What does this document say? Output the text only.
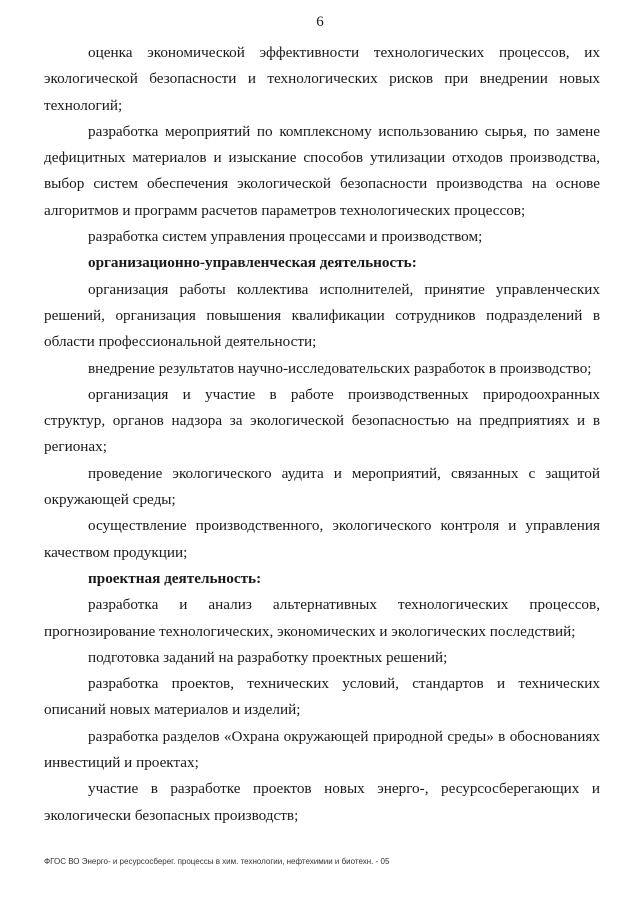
6

оценка экономической эффективности технологических процессов, их экологической безопасности и технологических рисков при внедрении новых технологий;

разработка мероприятий по комплексному использованию сырья, по замене дефицитных материалов и изыскание способов утилизации отходов производства, выбор систем обеспечения экологической безопасности производства на основе алгоритмов и программ расчетов параметров технологических процессов;

разработка систем управления процессами и производством;

организационно-управленческая деятельность:

организация работы коллектива исполнителей, принятие управленческих решений, организация повышения квалификации сотрудников подразделений в области профессиональной деятельности;

внедрение результатов научно-исследовательских разработок в производство;

организация и участие в работе производственных природоохранных структур, органов надзора за экологической безопасностью на предприятиях и в регионах;

проведение экологического аудита и мероприятий, связанных с защитой окружающей среды;

осуществление производственного, экологического контроля и управления качеством продукции;

проектная деятельность:

разработка и анализ альтернативных технологических процессов, прогнозирование технологических, экономических и экологических последствий;

подготовка заданий на разработку проектных решений;

разработка проектов, технических условий, стандартов и технических описаний новых материалов и изделий;

разработка разделов «Охрана окружающей природной среды» в обоснованиях инвестиций и проектах;

участие в разработке проектов новых энерго-, ресурсосберегающих и экологически безопасных производств;

ФГОС ВО Энерго- и ресурсосберег. процессы в хим. технологии, нефтехимии и биотехн. - 05
